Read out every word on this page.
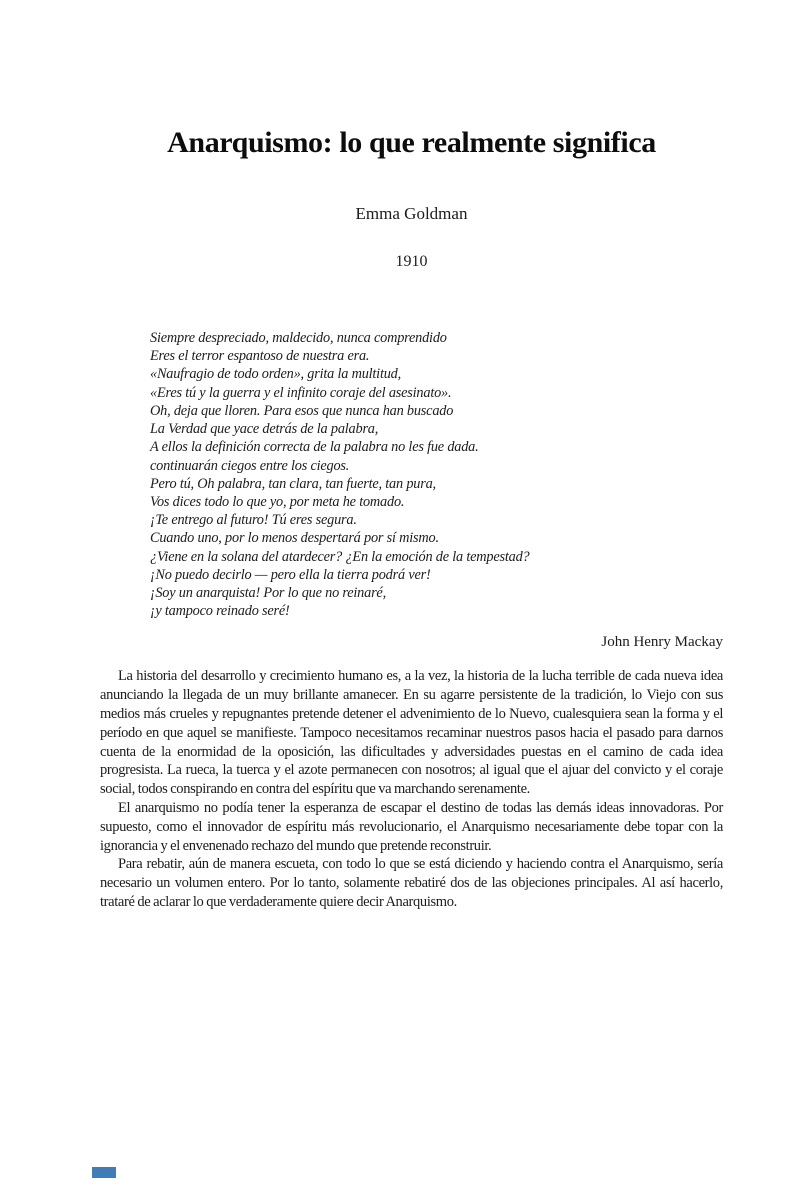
Anarquismo: lo que realmente significa
Emma Goldman
1910
Siempre despreciado, maldecido, nunca comprendido
Eres el terror espantoso de nuestra era.
«Naufragio de todo orden», grita la multitud,
«Eres tú y la guerra y el infinito coraje del asesinato».
Oh, deja que lloren. Para esos que nunca han buscado
La Verdad que yace detrás de la palabra,
A ellos la definición correcta de la palabra no les fue dada.
continuarán ciegos entre los ciegos.
Pero tú, Oh palabra, tan clara, tan fuerte, tan pura,
Vos dices todo lo que yo, por meta he tomado.
¡Te entrego al futuro! Tú eres segura.
Cuando uno, por lo menos despertará por sí mismo.
¿Viene en la solana del atardecer? ¿En la emoción de la tempestad?
¡No puedo decirlo — pero ella la tierra podrá ver!
¡Soy un anarquista! Por lo que no reinaré,
¡y tampoco reinado seré!
John Henry Mackay
La historia del desarrollo y crecimiento humano es, a la vez, la historia de la lucha terrible de cada nueva idea anunciando la llegada de un muy brillante amanecer. En su agarre persistente de la tradición, lo Viejo con sus medios más crueles y repugnantes pretende detener el advenimiento de lo Nuevo, cualesquiera sean la forma y el período en que aquel se manifieste. Tampoco necesitamos recaminar nuestros pasos hacia el pasado para darnos cuenta de la enormidad de la oposición, las dificultades y adversidades puestas en el camino de cada idea progresista. La rueca, la tuerca y el azote permanecen con nosotros; al igual que el ajuar del convicto y el coraje social, todos conspirando en contra del espíritu que va marchando serenamente.
El anarquismo no podía tener la esperanza de escapar el destino de todas las demás ideas innovadoras. Por supuesto, como el innovador de espíritu más revolucionario, el Anarquismo necesariamente debe topar con la ignorancia y el envenenado rechazo del mundo que pretende reconstruir.
Para rebatir, aún de manera escueta, con todo lo que se está diciendo y haciendo contra el Anarquismo, sería necesario un volumen entero. Por lo tanto, solamente rebatiré dos de las objeciones principales. Al así hacerlo, trataré de aclarar lo que verdaderamente quiere decir Anarquismo.
